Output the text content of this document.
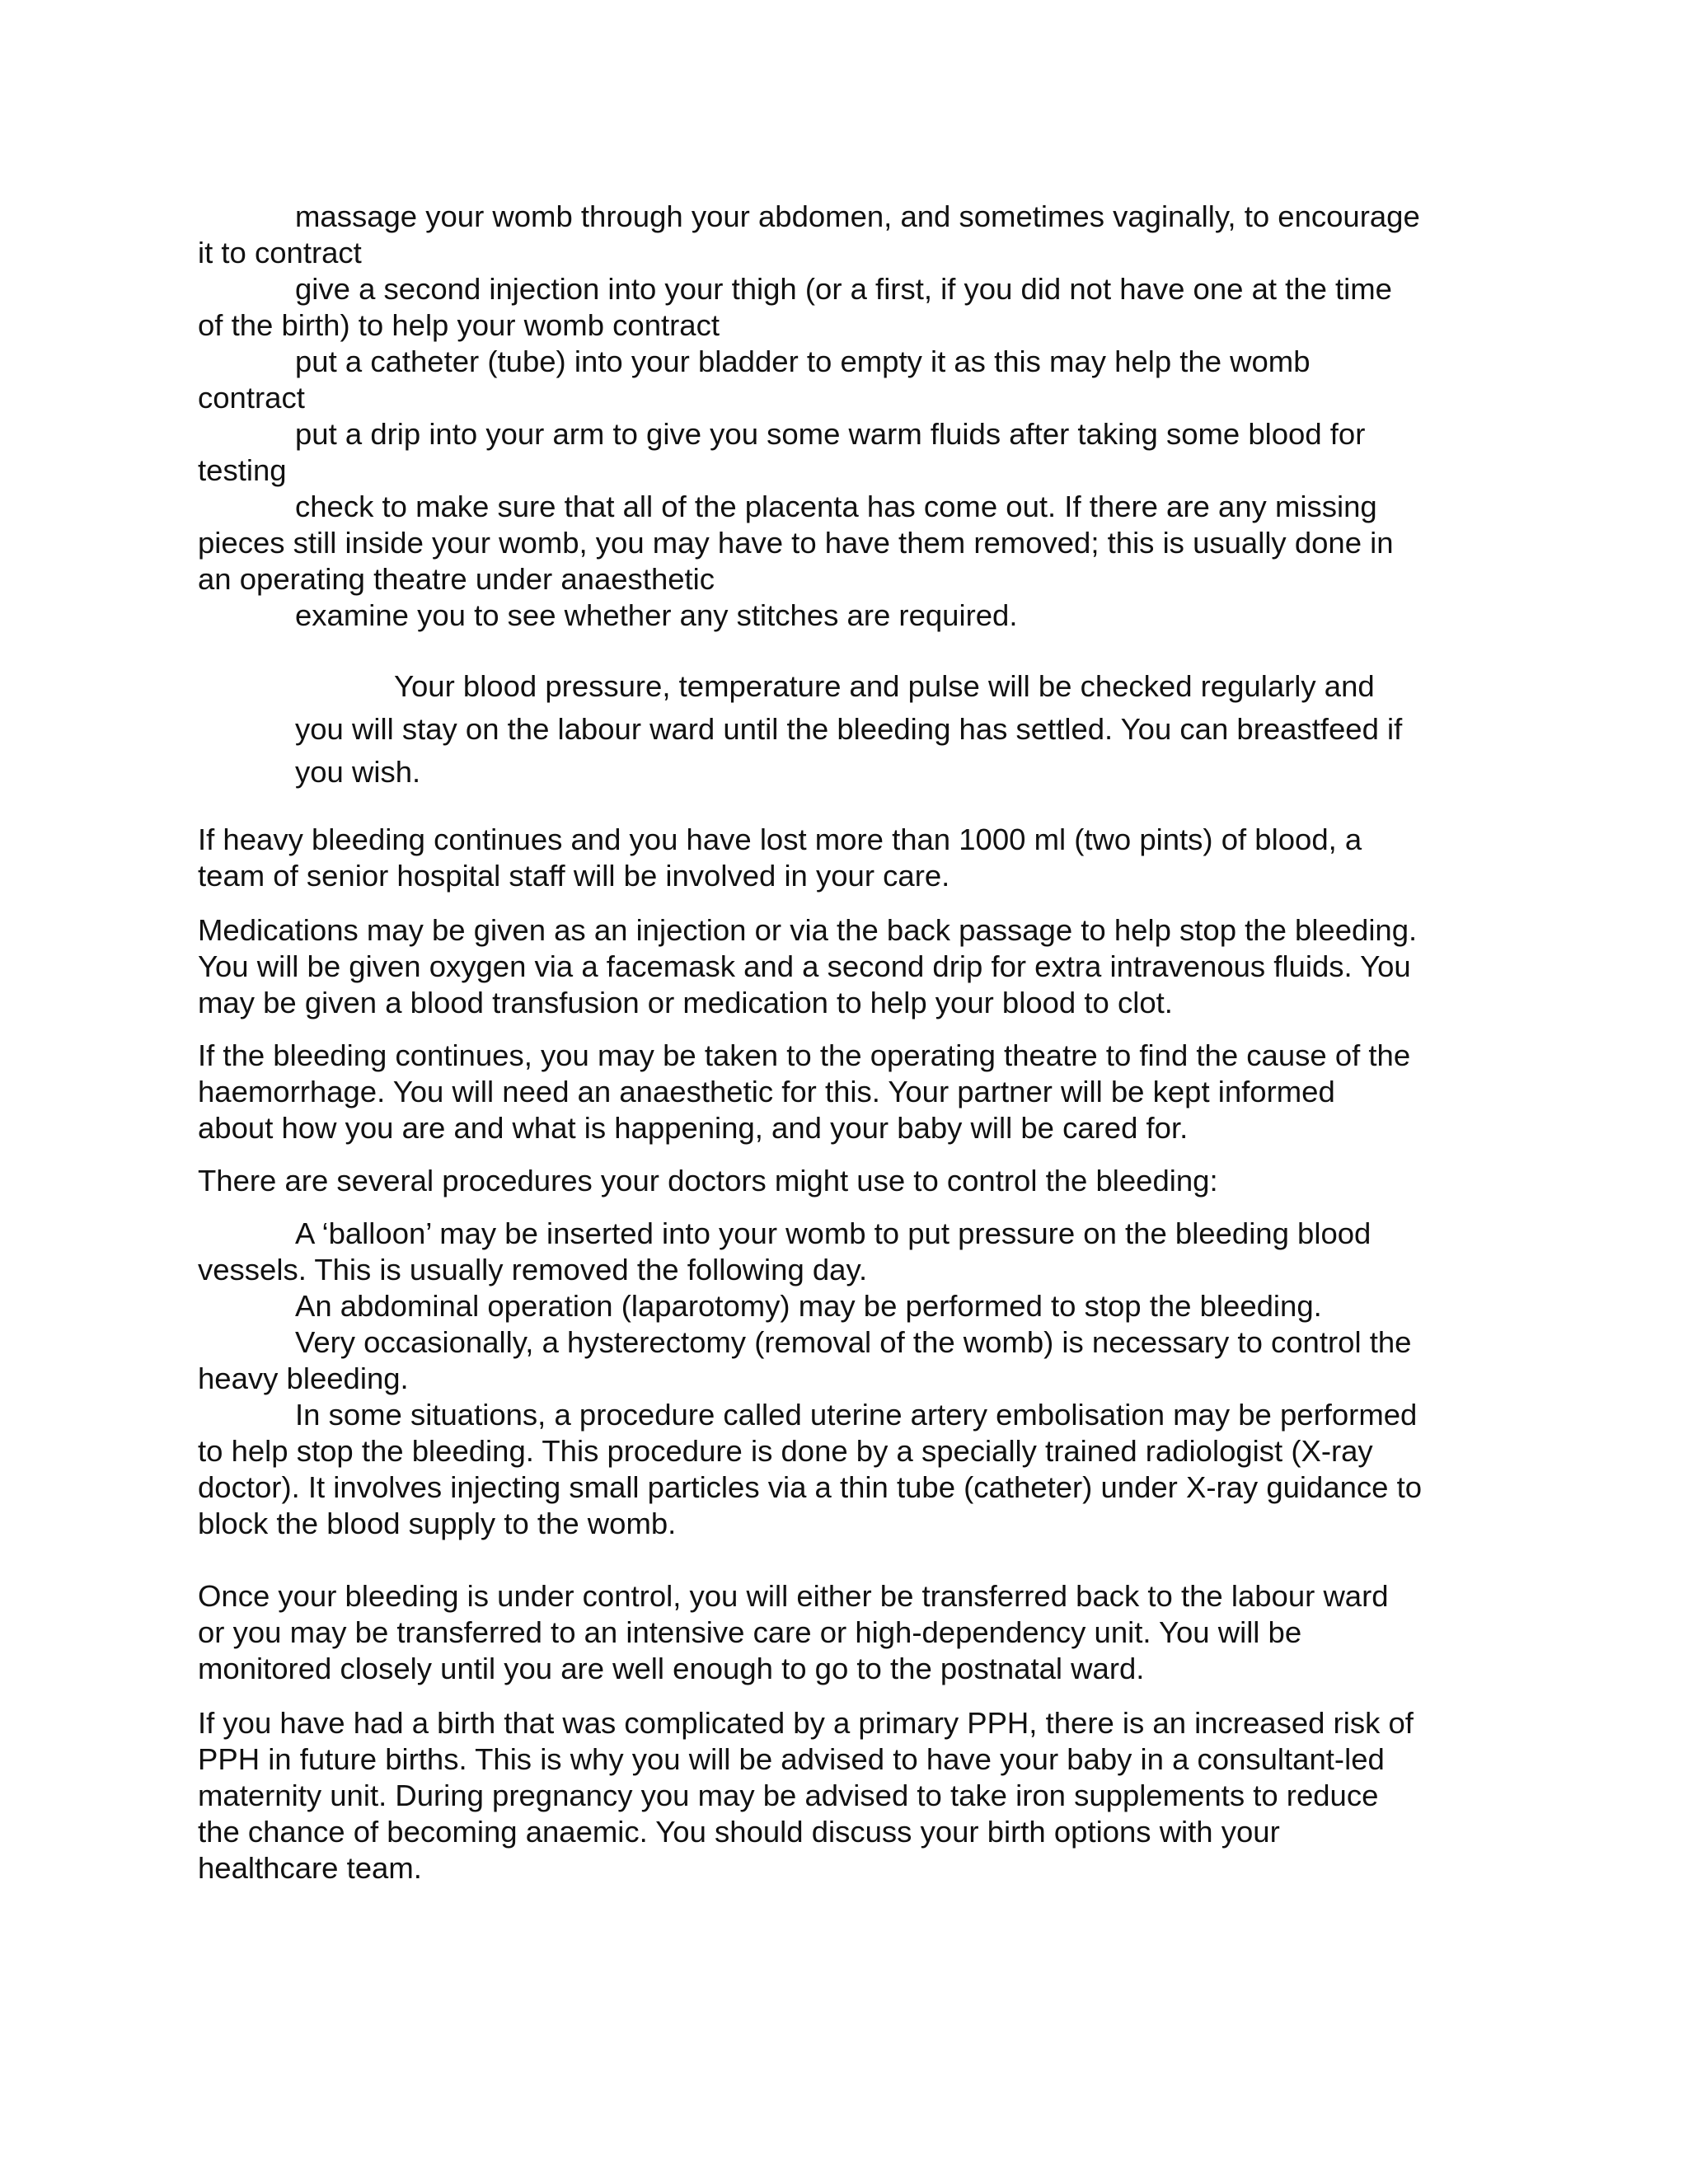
massage your womb through your abdomen, and sometimes vaginally, to encourage

it to contract

give a second injection into your thigh (or a first, if you did not have one at the time

of the birth) to help your womb contract

put a catheter (tube) into your bladder to empty it as this may help the womb

contract

put a drip into your arm to give you some warm fluids after taking some blood for

testing

check to make sure that all of the placenta has come out. If there are any missing

pieces still inside your womb, you may have to have them removed; this is usually done in

an operating theatre under anaesthetic

examine you to see whether any stitches are required.

Your blood pressure, temperature and pulse will be checked regularly and

you will stay on the labour ward until the bleeding has settled. You can breastfeed if

you wish.

If heavy bleeding continues and you have lost more than 1000 ml (two pints) of blood, a

team of senior hospital staff will be involved in your care.

Medications may be given as an injection or via the back passage to help stop the bleeding.

You will be given oxygen via a facemask and a second drip for extra intravenous fluids. You

may be given a blood transfusion or medication to help your blood to clot.

If the bleeding continues, you may be taken to the operating theatre to find the cause of the

haemorrhage. You will need an anaesthetic for this. Your partner will be kept informed

about how you are and what is happening, and your baby will be cared for.

There are several procedures your doctors might use to control the bleeding:

A ‘balloon’ may be inserted into your womb to put pressure on the bleeding blood

vessels. This is usually removed the following day.

An abdominal operation (laparotomy) may be performed to stop the bleeding.

Very occasionally, a hysterectomy (removal of the womb) is necessary to control the

heavy bleeding.

In some situations, a procedure called uterine artery embolisation may be performed

to help stop the bleeding. This procedure is done by a specially trained radiologist (X-ray

doctor). It involves injecting small particles via a thin tube (catheter) under X-ray guidance to

block the blood supply to the womb.

Once your bleeding is under control, you will either be transferred back to the labour ward

or you may be transferred to an intensive care or high-dependency unit. You will be

monitored closely until you are well enough to go to the postnatal ward.

If you have had a birth that was complicated by a primary PPH, there is an increased risk of

PPH in future births. This is why you will be advised to have your baby in a consultant-led

maternity unit. During pregnancy you may be advised to take iron supplements to reduce

the chance of becoming anaemic. You should discuss your birth options with your

healthcare team.
